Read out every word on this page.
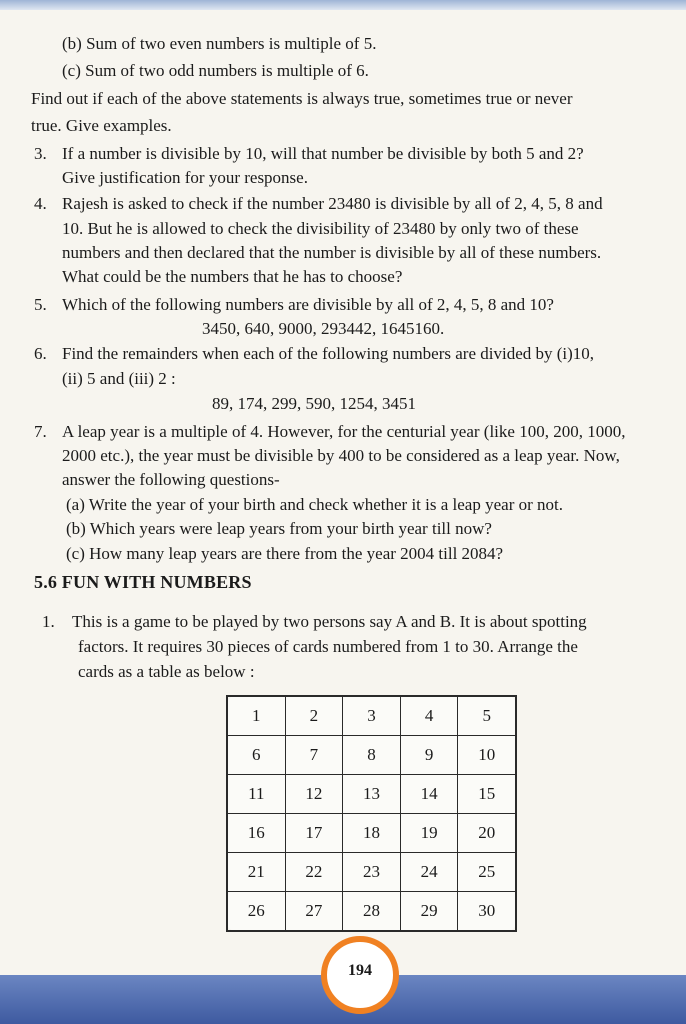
(b) Sum of two even numbers is multiple of 5.
(c) Sum of two odd numbers is multiple of 6.
Find out if each of the above statements is always true, sometimes true or never
true. Give examples.
3. If a number is divisible by 10, will that number be divisible by both 5 and 2?
Give justification for your response.
4. Rajesh is asked to check if the number 23480 is divisible by all of 2, 4, 5, 8 and
10. But he is allowed to check the divisibility of 23480 by only two of these
numbers and then declared that the number is divisible by all of these numbers.
What could be the numbers that he has to choose?
5. Which of the following numbers are divisible by all of 2, 4, 5, 8 and 10?
3450, 640, 9000, 293442, 1645160.
6. Find the remainders when each of the following numbers are divided by (i)10,
(ii) 5 and (iii) 2 :
89, 174, 299, 590, 1254, 3451
7. A leap year is a multiple of 4. However, for the centurial year (like 100, 200, 1000,
2000 etc.), the year must be divisible by 400 to be considered as a leap year. Now,
answer the following questions-
(a) Write the year of your birth and check whether it is a leap year or not.
(b) Which years were leap years from your birth year till now?
(c) How many leap years are there from the year 2004 till 2084?
5.6 FUN WITH NUMBERS
1. This is a game to be played by two persons say A and B. It is about spotting
factors. It requires 30 pieces of cards numbered from 1 to 30. Arrange the
cards as a table as below :
1	2	3	4	5
6	7	8	9	10
11	12	13	14	15
16	17	18	19	20
21	22	23	24	25
26	27	28	29	30
194
